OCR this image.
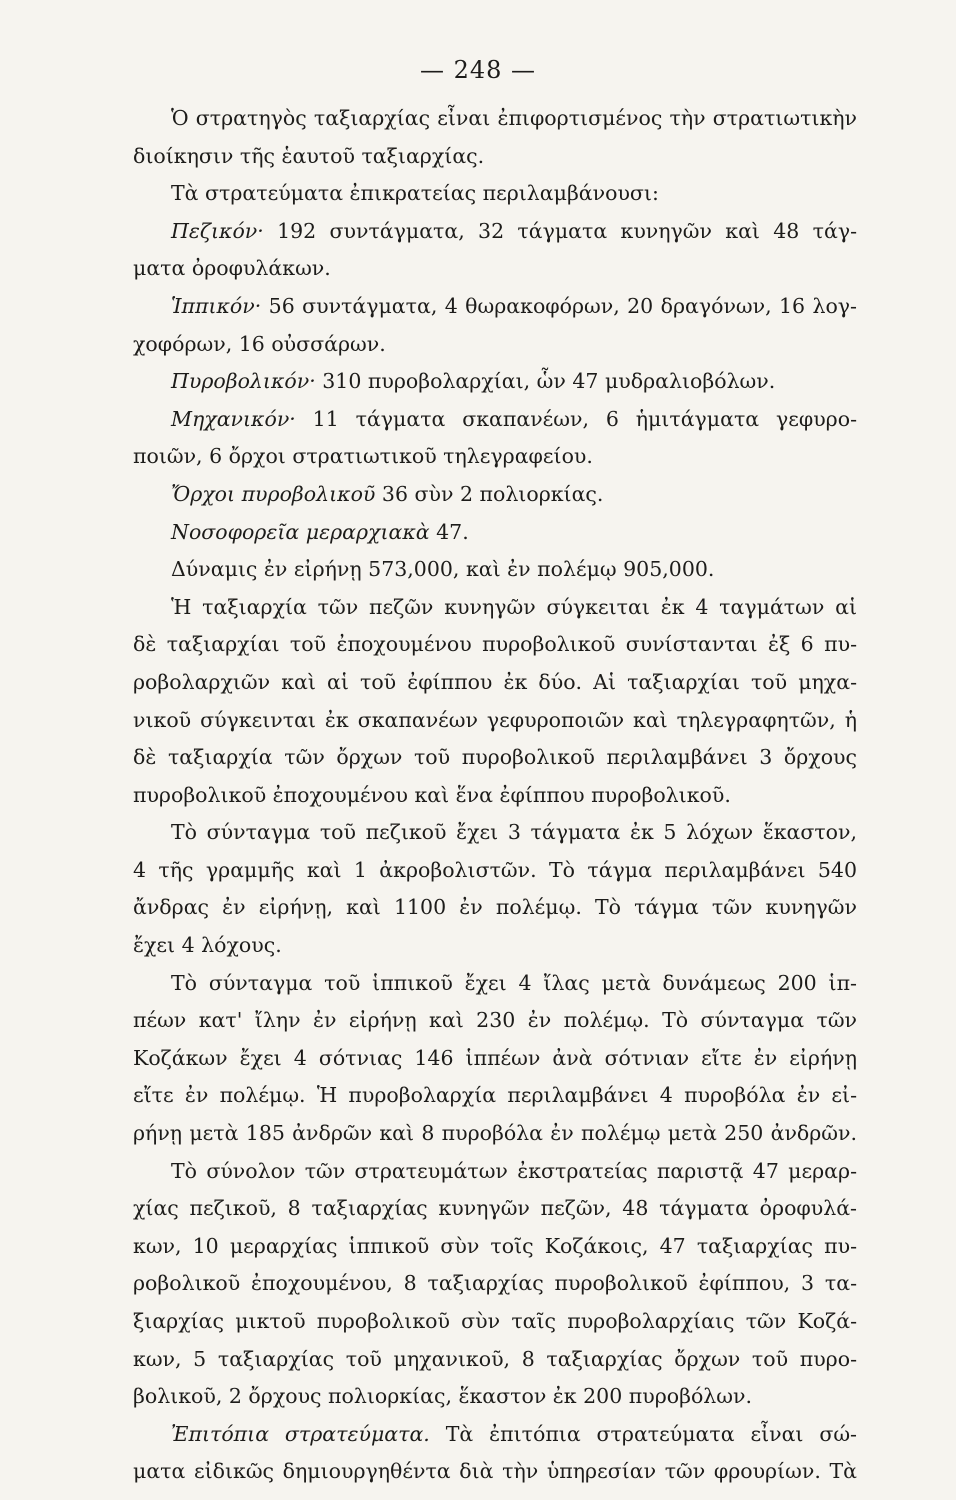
— 248 —
Ὁ στρατηγὸς ταξιαρχίας εἶναι ἐπιφορτισμένος τὴν στρατιωτικὴν
διοίκησιν τῆς ἑαυτοῦ ταξιαρχίας.
Τὰ στρατεύματα ἐπικρατείας περιλαμβάνουσι:
Πεζικόν· 192 συντάγματα, 32 τάγματα κυνηγῶν καὶ 48 τάγ-
ματα ὀροφυλάκων.
Ἱππικόν· 56 συντάγματα, 4 θωρακοφόρων, 20 δραγόνων, 16 λογ-
χοφόρων, 16 οὐσσάρων.
Πυροβολικόν· 310 πυροβολαρχίαι, ὧν 47 μυδραλιοβόλων.
Μηχανικόν· 11 τάγματα σκαπανέων, 6 ἡμιτάγματα γεφυρο-
ποιῶν, 6 ὄρχοι στρατιωτικοῦ τηλεγραφείου.
Ὄρχοι πυροβολικοῦ 36 σὺν 2 πολιορκίας.
Νοσοφορεῖα μεραρχιακὰ 47.
Δύναμις ἐν εἰρήνῃ 573,000, καὶ ἐν πολέμῳ 905,000.
Ἡ ταξιαρχία τῶν πεζῶν κυνηγῶν σύγκειται ἐκ 4 ταγμάτων αἱ
δὲ ταξιαρχίαι τοῦ ἐποχουμένου πυροβολικοῦ συνίστανται ἐξ 6 πυ-
ροβολαρχιῶν καὶ αἱ τοῦ ἐφίππου ἐκ δύο. Αἱ ταξιαρχίαι τοῦ μηχα-
νικοῦ σύγκεινται ἐκ σκαπανέων γεφυροποιῶν καὶ τηλεγραφητῶν, ἡ
δὲ ταξιαρχία τῶν ὄρχων τοῦ πυροβολικοῦ περιλαμβάνει 3 ὄρχους
πυροβολικοῦ ἐποχουμένου καὶ ἕνα ἐφίππου πυροβολικοῦ.
Τὸ σύνταγμα τοῦ πεζικοῦ ἔχει 3 τάγματα ἐκ 5 λόχων ἕκαστον,
4 τῆς γραμμῆς καὶ 1 ἀκροβολιστῶν. Τὸ τάγμα περιλαμβάνει 540
ἄνδρας ἐν εἰρήνῃ, καὶ 1100 ἐν πολέμῳ. Τὸ τάγμα τῶν κυνηγῶν
ἔχει 4 λόχους.
Τὸ σύνταγμα τοῦ ἱππικοῦ ἔχει 4 ἴλας μετὰ δυνάμεως 200 ἱπ-
πέων κατ' ἴλην ἐν εἰρήνῃ καὶ 230 ἐν πολέμῳ. Τὸ σύνταγμα τῶν
Κοζάκων ἔχει 4 σότνιας 146 ἱππέων ἀνὰ σότνιαν εἴτε ἐν εἰρήνῃ
εἴτε ἐν πολέμῳ. Ἡ πυροβολαρχία περιλαμβάνει 4 πυροβόλα ἐν εἰ-
ρήνῃ μετὰ 185 ἀνδρῶν καὶ 8 πυροβόλα ἐν πολέμῳ μετὰ 250 ἀνδρῶν.
Τὸ σύνολον τῶν στρατευμάτων ἐκστρατείας παριστᾷ 47 μεραρ-
χίας πεζικοῦ, 8 ταξιαρχίας κυνηγῶν πεζῶν, 48 τάγματα ὀροφυλά-
κων, 10 μεραρχίας ἱππικοῦ σὺν τοῖς Κοζάκοις, 47 ταξιαρχίας πυ-
ροβολικοῦ ἐποχουμένου, 8 ταξιαρχίας πυροβολικοῦ ἐφίππου, 3 τα-
ξιαρχίας μικτοῦ πυροβολικοῦ σὺν ταῖς πυροβολαρχίαις τῶν Κοζά-
κων, 5 ταξιαρχίας τοῦ μηχανικοῦ, 8 ταξιαρχίας ὄρχων τοῦ πυρο-
βολικοῦ, 2 ὄρχους πολιορκίας, ἕκαστον ἐκ 200 πυροβόλων.
Ἐπιτόπια στρατεύματα. Τὰ ἐπιτόπια στρατεύματα εἶναι σώ-
ματα εἰδικῶς δημιουργηθέντα διὰ τὴν ὑπηρεσίαν τῶν φρουρίων. Τὰ
